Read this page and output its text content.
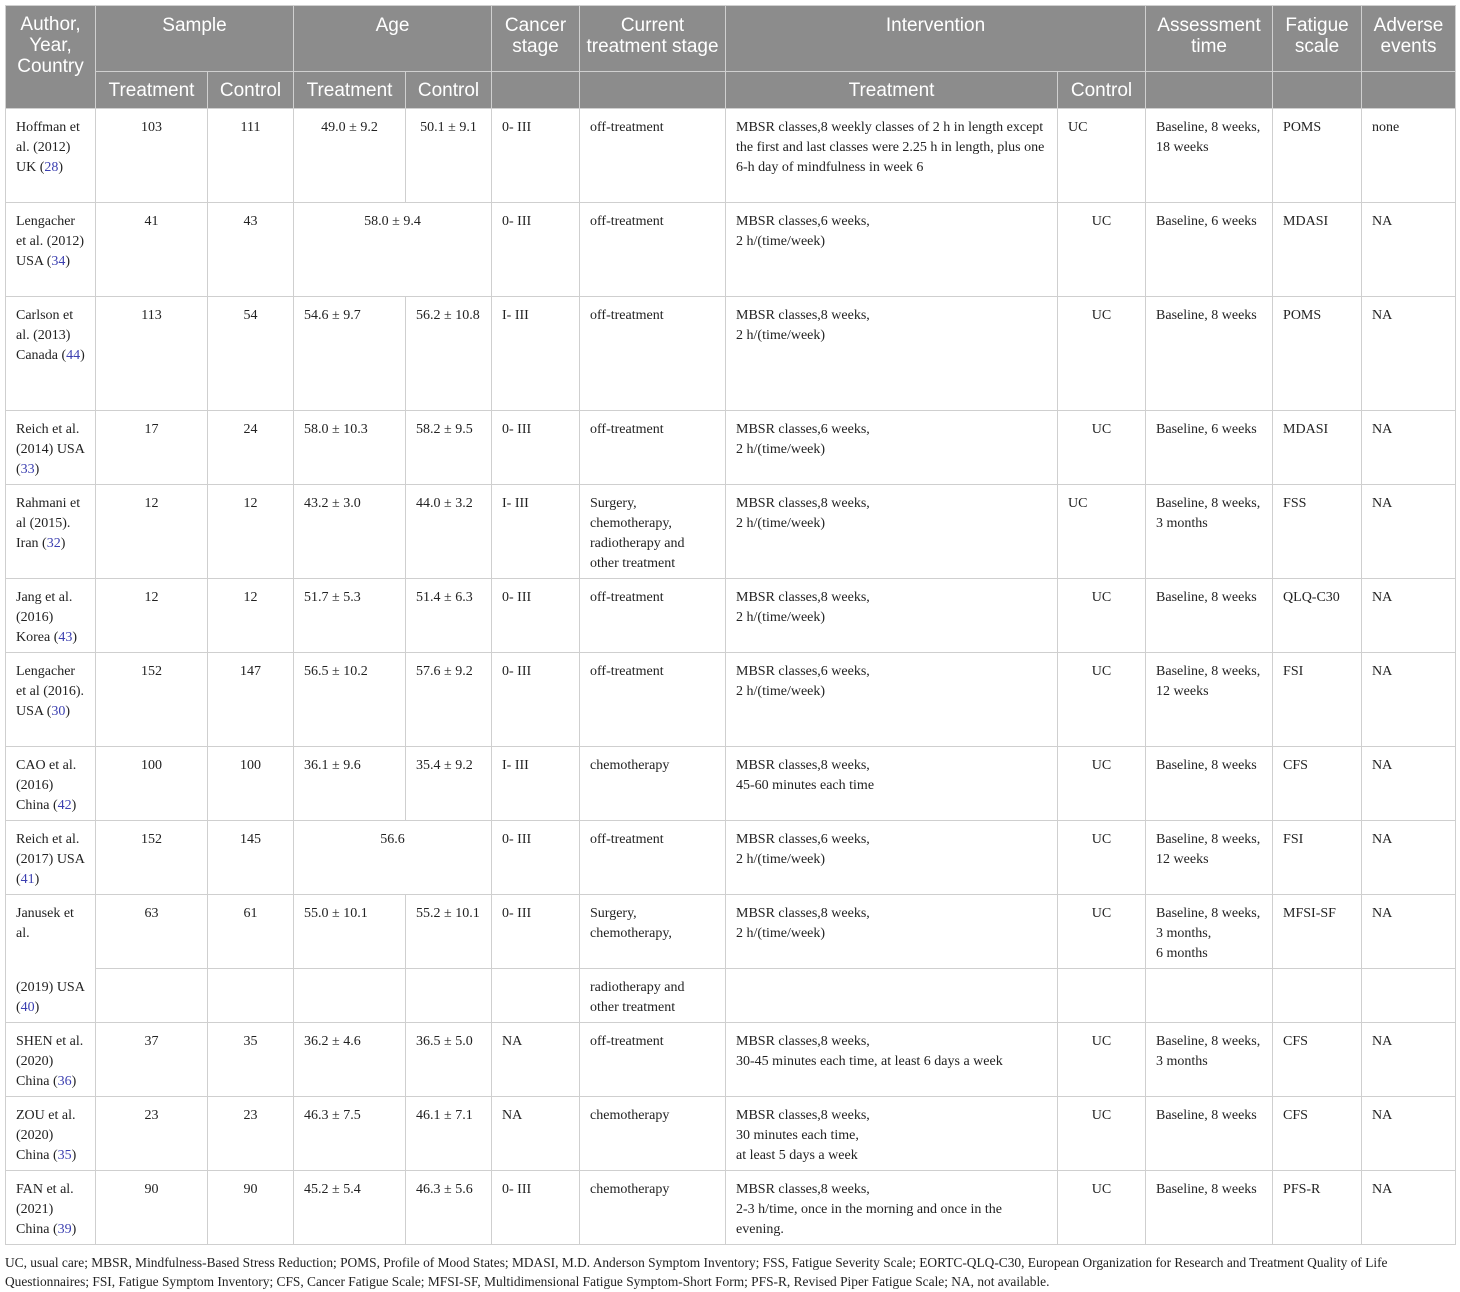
Author, Year, Country	Sample		Age		Cancer stage	Current treatment stage	Intervention		Assessment time	Fatigue scale	Adverse events
	Treatment	Control	Treatment	Control			Treatment	Control			
Hoffman et al. (2012) UK (28)	103	111	49.0 ± 9.2	50.1 ± 9.1	0- III	off-treatment	MBSR classes,8 weekly classes of 2 h in length except the first and last classes were 2.25 h in length, plus one 6-h day of mindfulness in week 6	UC	Baseline, 8 weeks, 18 weeks	POMS	none
Lengacher et al. (2012) USA (34)	41	43	58.0 ± 9.4		0- III	off-treatment	MBSR classes,6 weeks,
2 h/(time/week)	UC	Baseline, 6 weeks	MDASI	NA
Carlson et al. (2013) Canada (44)	113	54	54.6 ± 9.7	56.2 ± 10.8	I- III	off-treatment	MBSR classes,8 weeks,
2 h/(time/week)	UC	Baseline, 8 weeks	POMS	NA
Reich et al. (2014) USA (33)	17	24	58.0 ± 10.3	58.2 ± 9.5	0- III	off-treatment	MBSR classes,6 weeks,
2 h/(time/week)	UC	Baseline, 6 weeks	MDASI	NA
Rahmani et al (2015). Iran (32)	12	12	43.2 ± 3.0	44.0 ± 3.2	I- III	Surgery, chemotherapy, radiotherapy and other treatment	MBSR classes,8 weeks,
2 h/(time/week)	UC	Baseline, 8 weeks, 3 months	FSS	NA
Jang et al. (2016) Korea (43)	12	12	51.7 ± 5.3	51.4 ± 6.3	0- III	off-treatment	MBSR classes,8 weeks,
2 h/(time/week)	UC	Baseline, 8 weeks	QLQ-C30	NA
Lengacher et al (2016). USA (30)	152	147	56.5 ± 10.2	57.6 ± 9.2	0- III	off-treatment	MBSR classes,6 weeks,
2 h/(time/week)	UC	Baseline, 8 weeks, 12 weeks	FSI	NA
CAO et al. (2016) China (42)	100	100	36.1 ± 9.6	35.4 ± 9.2	I- III	chemotherapy	MBSR classes,8 weeks,
45-60 minutes each time	UC	Baseline, 8 weeks	CFS	NA
Reich et al. (2017) USA (41)	152	145	56.6		0- III	off-treatment	MBSR classes,6 weeks,
2 h/(time/week)	UC	Baseline, 8 weeks, 12 weeks	FSI	NA
Janusek et al.	63	61	55.0 ± 10.1	55.2 ± 10.1	0- III	Surgery, chemotherapy,	MBSR classes,8 weeks,
2 h/(time/week)	UC	Baseline, 8 weeks,
3 months,
6 months	MFSI-SF	NA
(2019) USA (40)						radiotherapy and other treatment					
SHEN et al. (2020) China (36)	37	35	36.2 ± 4.6	36.5 ± 5.0	NA	off-treatment	MBSR classes,8 weeks,
30-45 minutes each time, at least 6 days a week	UC	Baseline, 8 weeks, 3 months	CFS	NA
ZOU et al. (2020) China (35)	23	23	46.3 ± 7.5	46.1 ± 7.1	NA	chemotherapy	MBSR classes,8 weeks,
30 minutes each time,
at least 5 days a week	UC	Baseline, 8 weeks	CFS	NA
FAN et al. (2021) China (39)	90	90	45.2 ± 5.4	46.3 ± 5.6	0- III	chemotherapy	MBSR classes,8 weeks,
2-3 h/time, once in the morning and once in the evening.	UC	Baseline, 8 weeks	PFS-R	NA
UC, usual care; MBSR, Mindfulness-Based Stress Reduction; POMS, Profile of Mood States; MDASI, M.D. Anderson Symptom Inventory; FSS, Fatigue Severity Scale; EORTC-QLQ-C30, European Organization for Research and Treatment Quality of Life Questionnaires; FSI, Fatigue Symptom Inventory; CFS, Cancer Fatigue Scale; MFSI-SF, Multidimensional Fatigue Symptom-Short Form; PFS-R, Revised Piper Fatigue Scale; NA, not available.
